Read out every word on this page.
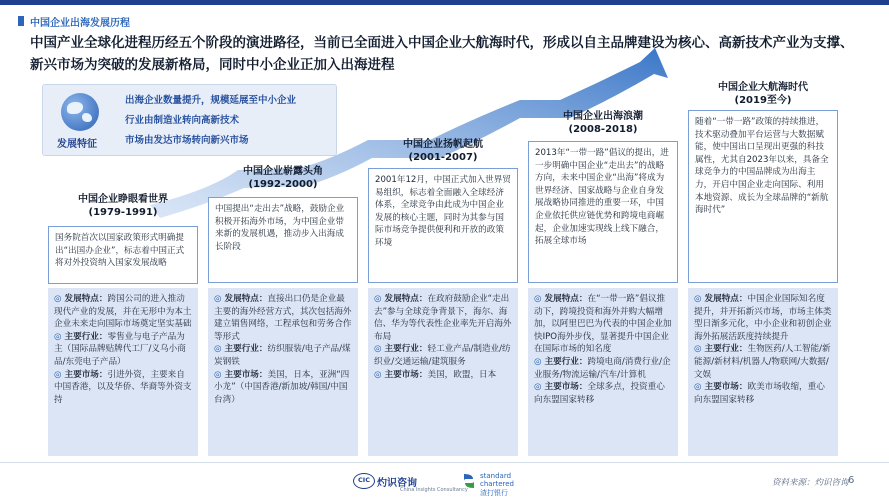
中国企业出海发展历程
中国产业全球化进程历经五个阶段的演进路径，当前已全面进入中国企业大航海时代，形成以自主品牌建设为核心、高新技术产业为支撑、新兴市场为突破的发展新格局，同时中小企业正加入出海进程
发展特征
出海企业数量提升，规模延展至中小企业
行业由制造业转向高新技术
市场由发达市场转向新兴市场
中国企业睁眼看世界
(1979-1991)
国务院首次以国家政策形式明确提出“出国办企业”，标志着中国正式将对外投资纳入国家发展战略
◎ 发展特点：跨国公司的进入推动现代产业的发展，并在无形中为本土企业未来走向国际市场奠定坚实基础
◎ 主要行业：零售业与电子产品为主（国际品牌贴牌代工厂/义乌小商品/东莞电子产品）
◎ 主要市场：引进外资，主要来自中国香港，以及华侨、华裔等外资支持
中国企业崭露头角
(1992-2000)
中国提出“走出去”战略，鼓励企业积极开拓海外市场，为中国企业带来新的发展机遇，推动步入出海成长阶段
◎ 发展特点：直接出口仍是企业最主要的海外经营方式，其次包括海外建立销售网络，工程承包和劳务合作等形式
◎ 主要行业：纺织服装/电子产品/煤炭钢铁
◎ 主要市场：美国，日本，亚洲“四小龙”（中国香港/新加坡/韩国/中国台湾）
中国企业扬帆起航
(2001-2007)
2001年12月，中国正式加入世界贸易组织，标志着全面融入全球经济体系，全球竞争由此成为中国企业发展的核心主题，同时为其参与国际市场竞争提供便利和开放的政策环境
◎ 发展特点：在政府鼓励企业“走出去”参与全球竞争背景下，海尔、海信、华为等代表性企业率先开启海外布局
◎ 主要行业：轻工业产品/制造业/纺织业/交通运输/建筑服务
◎ 主要市场：美国，欧盟，日本
中国企业出海浪潮
(2008-2018)
2013年“一带一路”倡议的提出，进一步明确中国企业“走出去”的战略方向，未来中国企业“出海”将成为世界经济、国家战略与企业自身发展战略协同推进的重要一环，中国企业依托供应链优势和跨境电商崛起，企业加速实现线上线下融合，拓展全球市场
◎ 发展特点：在“一带一路”倡议推动下，跨境投资和海外并购大幅增加，以阿里巴巴为代表的中国企业加快IPO海外步伐，显著提升中国企业在国际市场的知名度
◎ 主要行业：跨境电商/消费行业/企业服务/物流运输/汽车/计算机
◎ 主要市场：全球多点，投资重心向东盟国家转移
中国企业大航海时代
(2019至今)
随着“一带一路”政策的持续推进，技术驱动叠加平台运营与大数据赋能，使中国出口呈现出更强的科技属性，尤其自2023年以来，具备全球竞争力的中国品牌成为出海主力，开启中国企业走向国际、利用本地资源、成长为全球品牌的“新航海时代”
◎ 发展特点：中国企业国际知名度提升，并开拓新兴市场，市场主体类型日渐多元化，中小企业和初创企业海外拓展活跃度持续提升
◎ 主要行业：生物医药/人工智能/新能源/新材料/机器人/物联网/大数据/文娱
◎ 主要市场：欧美市场收缩，重心向东盟国家转移
CIC 灼识咨询
China Insights Consultancy
standard
chartered
渣打银行
资料来源：灼识咨询 6
